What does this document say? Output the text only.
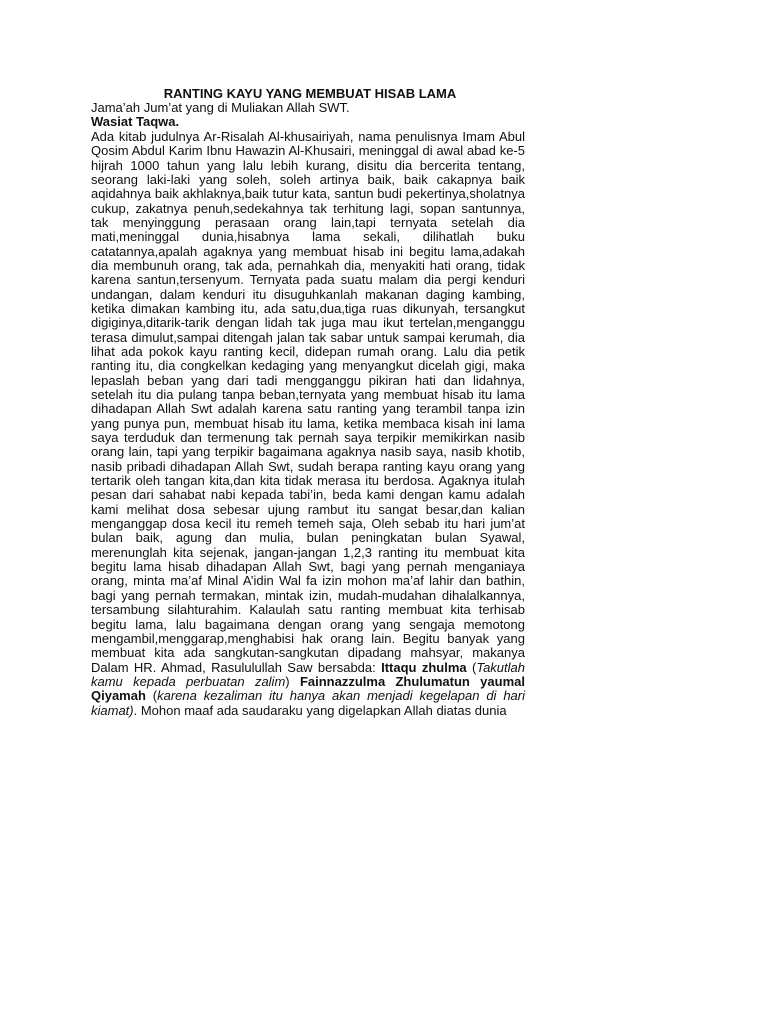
RANTING KAYU YANG MEMBUAT HISAB LAMA

Jama’ah Jum’at yang di Muliakan Allah SWT.

Wasiat Taqwa.

Ada kitab judulnya Ar-Risalah Al-khusairiyah, nama penulisnya Imam Abul Qosim Abdul Karim Ibnu Hawazin Al-Khusairi, meninggal di awal abad ke-5 hijrah 1000 tahun yang lalu lebih kurang, disitu dia bercerita tentang, seorang laki-laki yang soleh, soleh artinya baik, baik cakapnya baik aqidahnya baik akhlaknya,baik tutur kata, santun budi pekertinya,sholatnya cukup, zakatnya penuh,sedekahnya tak terhitung lagi, sopan santunnya, tak menyinggung perasaan orang lain,tapi ternyata setelah dia mati,meninggal dunia,hisabnya lama sekali, dilihatlah buku catatannya,apalah agaknya yang membuat hisab ini begitu lama,adakah dia membunuh orang, tak ada, pernahkah dia, menyakiti hati orang, tidak karena santun,tersenyum. Ternyata pada suatu malam dia pergi kenduri undangan, dalam kenduri itu disuguhkanlah makanan daging kambing, ketika dimakan kambing itu, ada satu,dua,tiga ruas dikunyah, tersangkut digiginya,ditarik-tarik dengan lidah tak juga mau ikut tertelan,menganggu terasa dimulut,sampai ditengah jalan tak sabar untuk sampai kerumah, dia lihat ada pokok kayu ranting kecil, didepan rumah orang. Lalu dia petik ranting itu, dia congkelkan kedaging yang menyangkut dicelah gigi, maka lepaslah beban yang dari tadi mengganggu pikiran hati dan lidahnya, setelah itu dia pulang tanpa beban,ternyata yang membuat hisab itu lama dihadapan Allah Swt adalah karena satu ranting yang terambil tanpa izin yang punya pun, membuat hisab itu lama, ketika membaca kisah ini lama saya terduduk dan termenung tak pernah saya terpikir memikirkan nasib orang lain, tapi yang terpikir bagaimana agaknya nasib saya, nasib khotib, nasib pribadi dihadapan Allah Swt, sudah berapa ranting kayu orang yang tertarik oleh tangan kita,dan kita tidak merasa itu berdosa. Agaknya itulah pesan dari sahabat nabi kepada tabi’in, beda kami dengan kamu adalah kami melihat dosa sebesar ujung rambut itu sangat besar,dan kalian menganggap dosa kecil itu remeh temeh saja, Oleh sebab itu hari jum’at bulan baik, agung dan mulia, bulan peningkatan bulan Syawal, merenunglah kita sejenak, jangan-jangan 1,2,3 ranting itu membuat kita begitu lama hisab dihadapan Allah Swt, bagi yang pernah menganiaya orang, minta ma’af Minal A’idin Wal fa izin mohon ma’af lahir dan bathin, bagi yang pernah termakan, mintak izin, mudah-mudahan dihalalkannya, tersambung silahturahim. Kalaulah satu ranting membuat kita terhisab begitu lama, lalu bagaimana dengan orang yang sengaja memotong mengambil,menggarap,menghabisi hak orang lain. Begitu banyak yang membuat kita ada sangkutan-sangkutan dipadang mahsyar, makanya Dalam HR. Ahmad, Rasululullah Saw bersabda: Ittaqu zhulma (Takutlah kamu kepada perbuatan zalim) Fainnazzulma Zhulumatun yaumal Qiyamah (karena kezaliman itu hanya akan menjadi kegelapan di hari kiamat). Mohon maaf ada saudaraku yang digelapkan Allah diatas dunia
